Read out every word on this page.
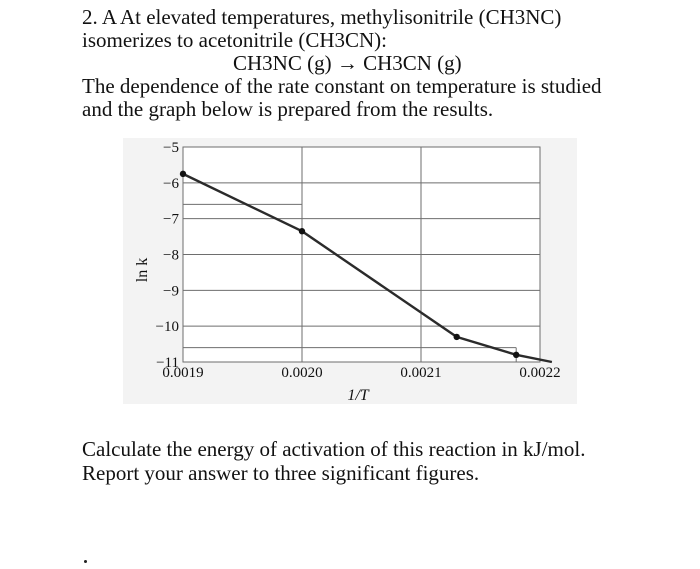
2. A At elevated temperatures, methylisonitrile (CH3NC)
isomerizes to acetonitrile (CH3CN):
CH3NC (g) → CH3CN (g)
The dependence of the rate constant on temperature is studied
and the graph below is prepared from the results.
0.0019	0.0020	0.0021	0.0022
−5
−6
−7
−8
−9
−10
−11
1/T
ln k
Calculate the energy of activation of this reaction in kJ/mol.
Report your answer to three significant figures.
